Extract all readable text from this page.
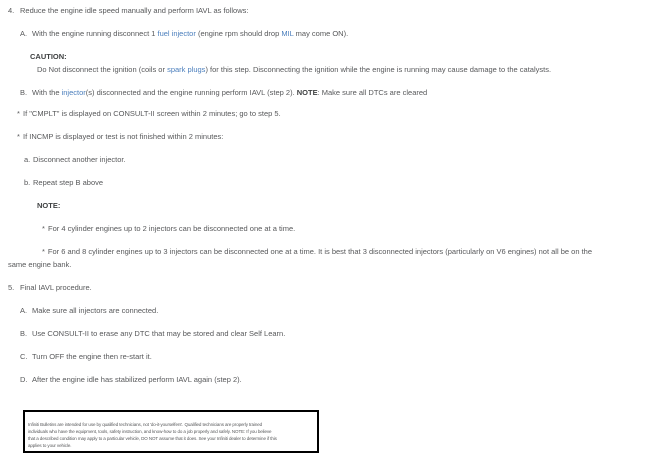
4. Reduce the engine idle speed manually and perform IAVL as follows:
A. With the engine running disconnect 1 fuel injector (engine rpm should drop MIL may come ON).
CAUTION:
Do Not disconnect the ignition (coils or spark plugs) for this step. Disconnecting the ignition while the engine is running may cause damage to the catalysts.
B. With the injector(s) disconnected and the engine running perform IAVL (step 2). NOTE: Make sure all DTCs are cleared
* If "CMPLT" is displayed on CONSULT-II screen within 2 minutes; go to step 5.
* If INCMP is displayed or test is not finished within 2 minutes:
a. Disconnect another injector.
b. Repeat step B above
NOTE:
* For 4 cylinder engines up to 2 injectors can be disconnected one at a time.
* For 6 and 8 cylinder engines up to 3 injectors can be disconnected one at a time. It is best that 3 disconnected injectors (particularly on V6 engines) not all be on the same engine bank.
5. Final IAVL procedure.
A. Make sure all injectors are connected.
B. Use CONSULT-II to erase any DTC that may be stored and clear Self Learn.
C. Turn OFF the engine then re-start it.
D. After the engine idle has stabilized perform IAVL again (step 2).

Infiniti Bulletins are intended for use by qualified technicians, not 'do-it-yourselfers'. Qualified technicians are properly trained
individuals who have the equipment, tools, safety instruction, and know-how to do a job properly and safely. NOTE: If you believe
that a described condition may apply to a particular vehicle, DO NOT assume that it does. See your Infiniti dealer to determine if this
applies to your vehicle.
